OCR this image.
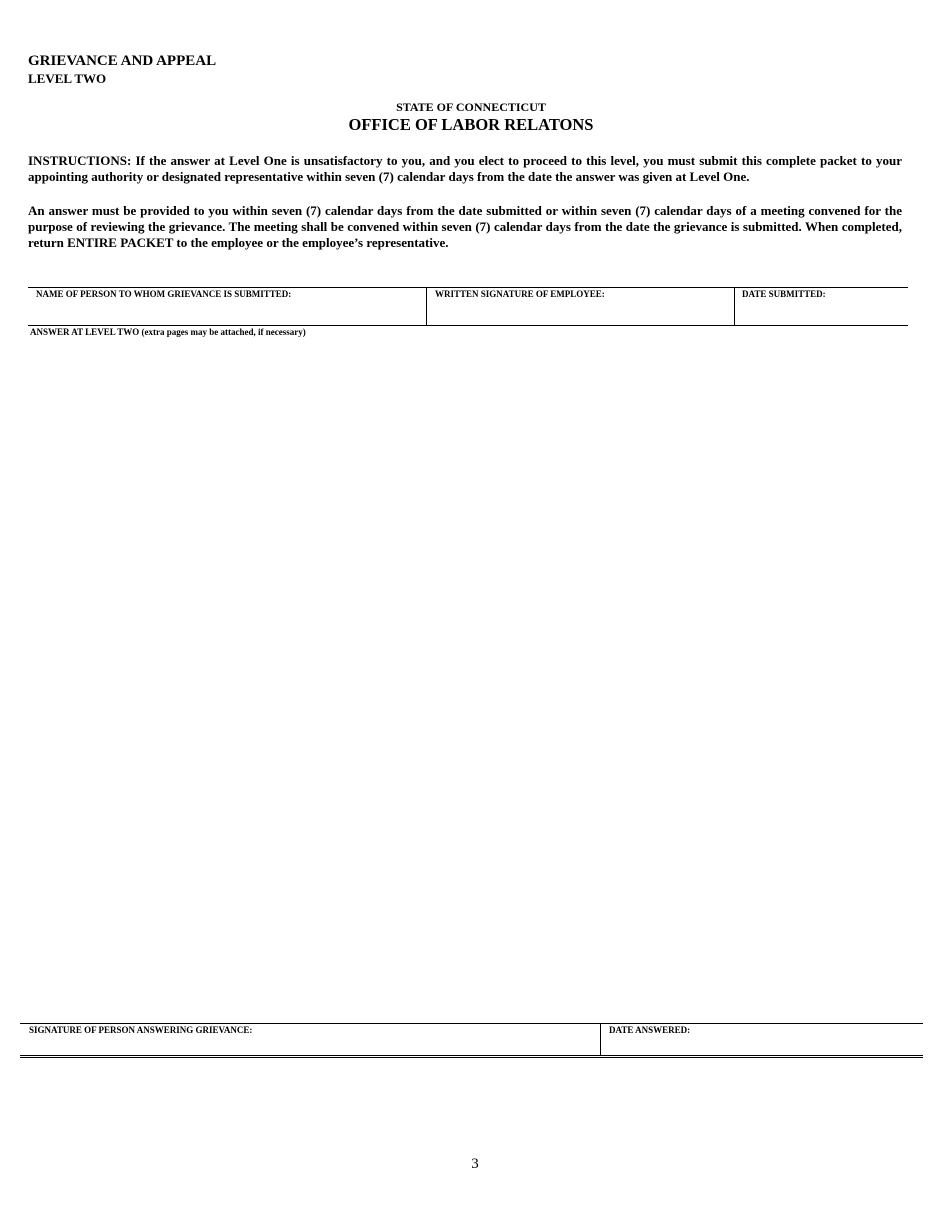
GRIEVANCE AND APPEAL
LEVEL TWO
STATE OF CONNECTICUT
OFFICE OF LABOR RELATONS
INSTRUCTIONS: If the answer at Level One is unsatisfactory to you, and you elect to proceed to this level, you must submit this complete packet to your appointing authority or designated representative within seven (7) calendar days from the date the answer was given at Level One.
An answer must be provided to you within seven (7) calendar days from the date submitted or within seven (7) calendar days of a meeting convened for the purpose of reviewing the grievance. The meeting shall be convened within seven (7) calendar days from the date the grievance is submitted. When completed, return ENTIRE PACKET to the employee or the employee’s representative.
NAME OF PERSON TO WHOM GRIEVANCE IS SUBMITTED:	WRITTEN SIGNATURE OF EMPLOYEE:	DATE SUBMITTED:
ANSWER AT LEVEL TWO (extra pages may be attached, if necessary)
SIGNATURE OF PERSON ANSWERING GRIEVANCE:	DATE ANSWERED:
3
